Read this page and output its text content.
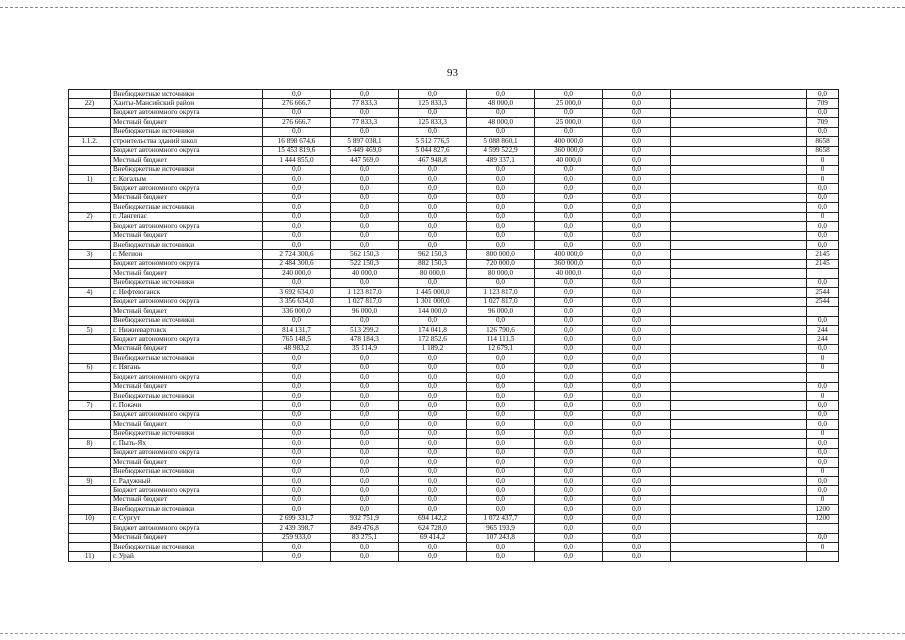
93
	Внебюджетные источники	0,0	0,0	0,0	0,0	0,0	0,0		0,0
22)	Ханты-Мансийский район	276 666,7	77 833,3	125 833,3	48 000,0	25 000,0	0,0		709
	Бюджет автономного округа	0,0	0,0	0,0	0,0	0,0	0,0		0,0
	Местный бюджет	276 666,7	77 833,3	125 833,3	48 000,0	25 000,0	0,0		709
	Внебюджетные источники	0,0	0,0	0,0	0,0	0,0	0,0		0,0
1.1.2.	строительства зданий школ	16 898 674,6	5 897 038,1	5 512 776,5	5 088 860,1	400 000,0	0,0		8658
	Бюджет автономного округа	15 453 819,6	5 449 469,0	5 044 827,6	4 599 522,9	360 000,0	0,0		8658
	Местный бюджет	1 444 855,0	447 569,0	467 948,8	489 337,1	40 000,0	0,0		0
	Внебюджетные источники	0,0	0,0	0,0	0,0	0,0	0,0		0
1)	г. Когалым	0,0	0,0	0,0	0,0	0,0	0,0		0
	Бюджет автономного округа	0,0	0,0	0,0	0,0	0,0	0,0		0,0
	Местный бюджет	0,0	0,0	0,0	0,0	0,0	0,0		0,0
	Внебюджетные источники	0,0	0,0	0,0	0,0	0,0	0,0		0,0
2)	г. Лангепас	0,0	0,0	0,0	0,0	0,0	0,0		0
	Бюджет автономного округа	0,0	0,0	0,0	0,0	0,0	0,0		0,0
	Местный бюджет	0,0	0,0	0,0	0,0	0,0	0,0		0,0
	Внебюджетные источники	0,0	0,0	0,0	0,0	0,0	0,0		0,0
3)	г. Мегион	2 724 300,6	562 150,3	962 150,3	800 000,0	400 000,0	0,0		2145
	Бюджет автономного округа	2 484 300,6	522 150,3	882 150,3	720 000,0	360 000,0	0,0		2145
	Местный бюджет	240 000,0	40 000,0	80 000,0	80 000,0	40 000,0	0,0		
	Внебюджетные источники	0,0	0,0	0,0	0,0	0,0	0,0		0,0
4)	г. Нефтеюганск	3 692 634,0	1 123 817,0	1 445 000,0	1 123 817,0	0,0	0,0		2544
	Бюджет автономного округа	3 356 634,0	1 027 817,0	1 301 000,0	1 027 817,0	0,0	0,0		2544
	Местный бюджет	336 000,0	96 000,0	144 000,0	96 000,0	0,0	0,0		
	Внебюджетные источники	0,0	0,0	0,0	0,0	0,0	0,0		0,0
5)	г. Нижневартовск	814 131,7	513 299,2	174 041,8	126 790,6	0,0	0,0		244
	Бюджет автономного округа	765 148,5	478 184,3	172 852,6	114 111,5	0,0	0,0		244
	Местный бюджет	48 983,2	35 114,9	1 189,2	12 679,1	0,0	0,0		0,0
	Внебюджетные источники	0,0	0,0	0,0	0,0	0,0	0,0		0
6)	г. Нягань	0,0	0,0	0,0	0,0	0,0	0,0		0
	Бюджет автономного округа	0,0	0,0	0,0	0,0	0,0	0,0		
	Местный бюджет	0,0	0,0	0,0	0,0	0,0	0,0		0,0
	Внебюджетные источники	0,0	0,0	0,0	0,0	0,0	0,0		0
7)	г. Покачи	0,0	0,0	0,0	0,0	0,0	0,0		0,0
	Бюджет автономного округа	0,0	0,0	0,0	0,0	0,0	0,0		0,0
	Местный бюджет	0,0	0,0	0,0	0,0	0,0	0,0		0,0
	Внебюджетные источники	0,0	0,0	0,0	0,0	0,0	0,0		0
8)	г. Пыть-Ях	0,0	0,0	0,0	0,0	0,0	0,0		0,0
	Бюджет автономного округа	0,0	0,0	0,0	0,0	0,0	0,0		0,0
	Местный бюджет	0,0	0,0	0,0	0,0	0,0	0,0		0,0
	Внебюджетные источники	0,0	0,0	0,0	0,0	0,0	0,0		0
9)	г. Радужный	0,0	0,0	0,0	0,0	0,0	0,0		0,0
	Бюджет автономного округа	0,0	0,0	0,0	0,0	0,0	0,0		0,0
	Местный бюджет	0,0	0,0	0,0	0,0	0,0	0,0		0
	Внебюджетные источники	0,0	0,0	0,0	0,0	0,0	0,0		1200
10)	г. Сургут	2 699 331,7	932 751,9	694 142,2	1 072 437,7	0,0	0,0		1200
	Бюджет автономного округа	2 439 398,7	849 476,8	624 728,0	965 193,9	0,0	0,0		
	Местный бюджет	259 933,0	83 275,1	69 414,2	107 243,8	0,0	0,0		0,0
	Внебюджетные источники	0,0	0,0	0,0	0,0	0,0	0,0		0
11)	г. Урай	0,0	0,0	0,0	0,0	0,0	0,0		
